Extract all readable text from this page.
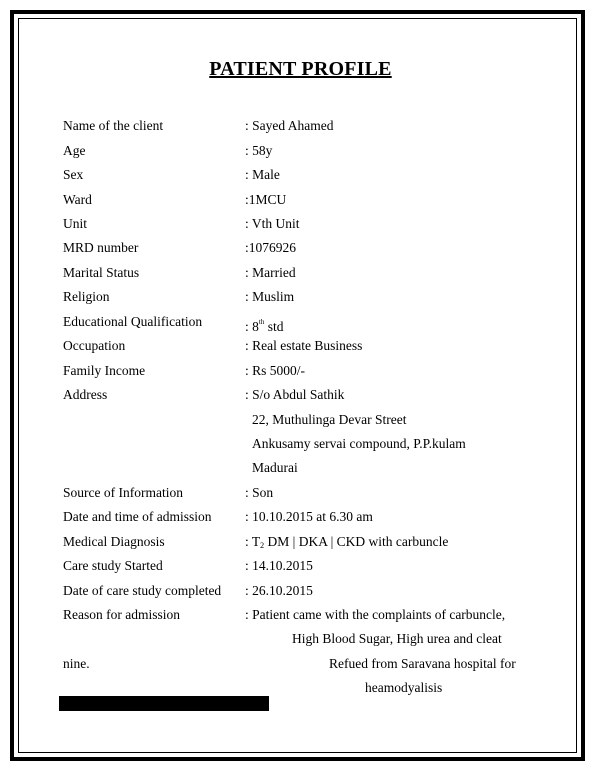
PATIENT PROFILE
Name of the client	: Sayed Ahamed
Age	: 58y
Sex	: Male
Ward	:1MCU
Unit	: Vth Unit
MRD number	:1076926
Marital Status	: Married
Religion	: Muslim
Educational Qualification	: 8th std
Occupation	: Real estate Business
Family Income	: Rs 5000/-
Address	: S/o Abdul Sathik
22, Muthulinga Devar Street
Ankusamy servai compound, P.P.kulam
Madurai
Source of Information	: Son
Date and time of admission : 10.10.2015 at 6.30 am
Medical Diagnosis	: $T_2$ DM | DKA | CKD with carbuncle
Care study Started	: 14.10.2015
Date of care study completed : 26.10.2015
Reason for admission	: Patient came with the complaints of carbuncle,
High Blood Sugar, High urea and cleat
nine.	Refued from Saravana hospital for
heamodyalisis
